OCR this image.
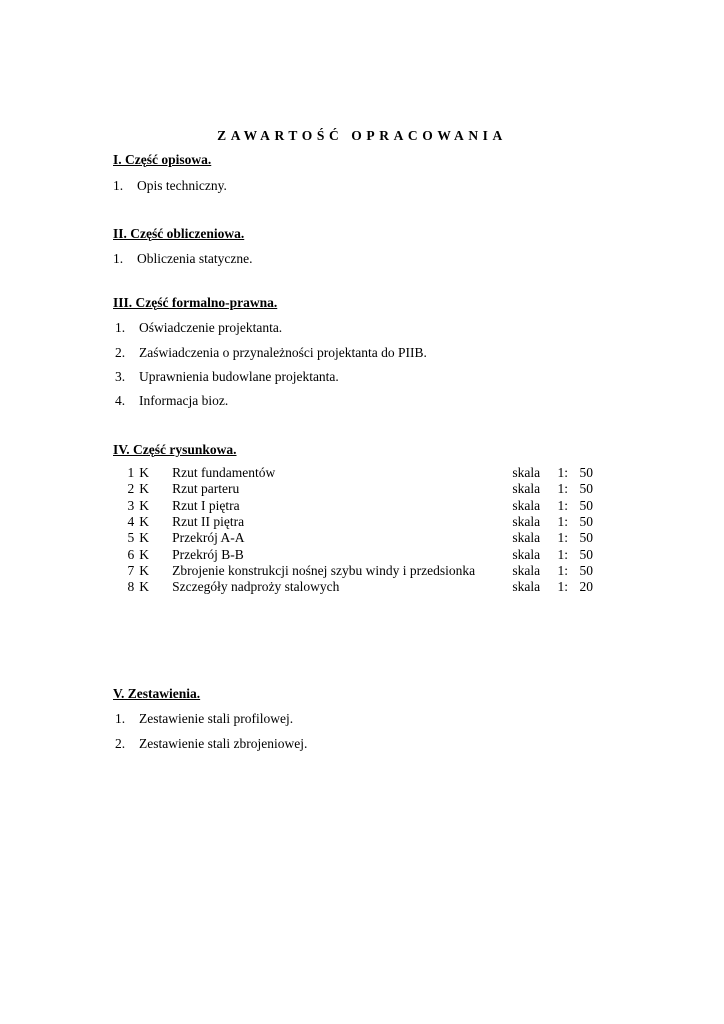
ZAWARTOŚĆ OPRACOWANIA
I. Część opisowa.
1. Opis techniczny.
II. Część obliczeniowa.
1. Obliczenia statyczne.
III. Część formalno-prawna.
1. Oświadczenie projektanta.
2. Zaświadczenia o przynależności projektanta do PIIB.
3. Uprawnienia budowlane projektanta.
4. Informacja bioz.
IV. Część rysunkowa.
1	K	Rzut fundamentów	skala	1:	50
2	K	Rzut parteru	skala	1:	50
3	K	Rzut I piętra	skala	1:	50
4	K	Rzut II piętra	skala	1:	50
5	K	Przekrój A-A	skala	1:	50
6	K	Przekrój B-B	skala	1:	50
7	K	Zbrojenie konstrukcji nośnej szybu windy i przedsionka	skala	1:	50
8	K	Szczegóły nadproży stalowych	skala	1:	20
V. Zestawienia.
1. Zestawienie stali profilowej.
2. Zestawienie stali zbrojeniowej.
